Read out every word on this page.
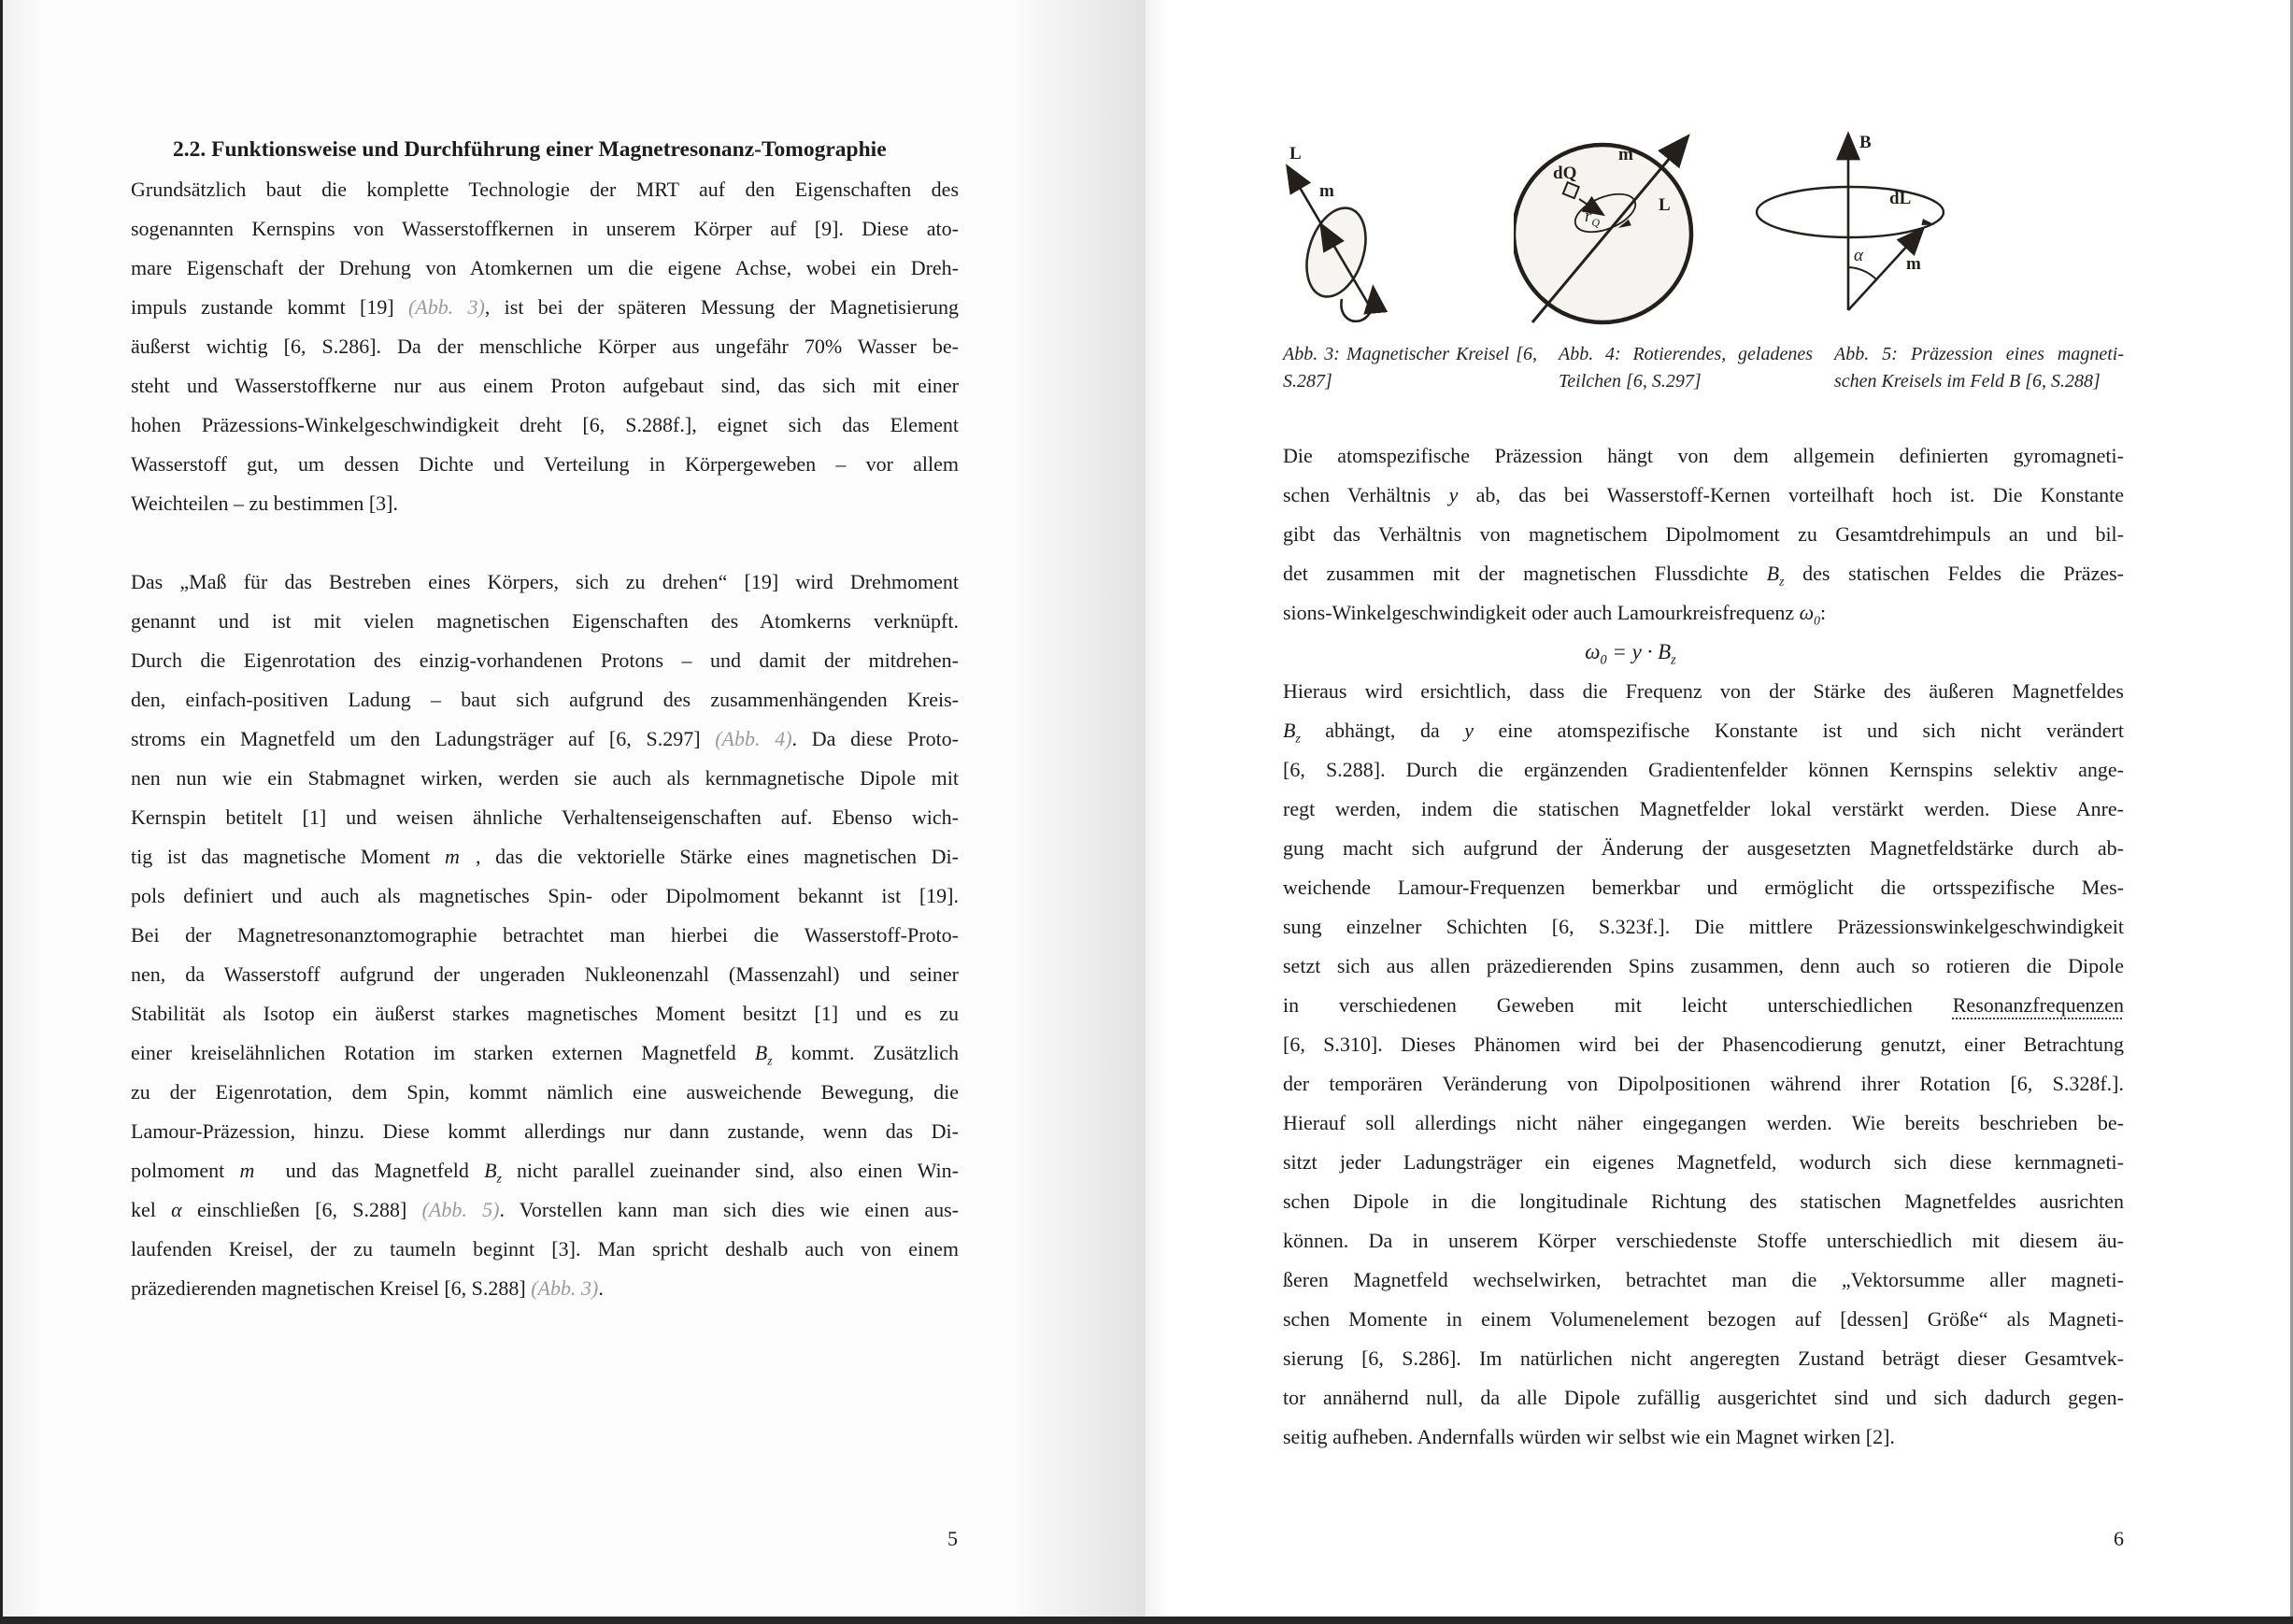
2.2. Funktionsweise und Durchführung einer Magnetresonanz-Tomographie
Grundsätzlich baut die komplette Technologie der MRT auf den Eigenschaften des
sogenannten Kernspins von Wasserstoffkernen in unserem Körper auf [9]. Diese ato-
mare Eigenschaft der Drehung von Atomkernen um die eigene Achse, wobei ein Dreh-
impuls zustande kommt [19] (Abb. 3), ist bei der späteren Messung der Magnetisierung
äußerst wichtig [6, S.286]. Da der menschliche Körper aus ungefähr 70% Wasser be-
steht und Wasserstoffkerne nur aus einem Proton aufgebaut sind, das sich mit einer
hohen Präzessions-Winkelgeschwindigkeit dreht [6, S.288f.], eignet sich das Element
Wasserstoff gut, um dessen Dichte und Verteilung in Körpergeweben – vor allem
Weichteilen – zu bestimmen [3].
Das „Maß für das Bestreben eines Körpers, sich zu drehen“ [19] wird Drehmoment
genannt und ist mit vielen magnetischen Eigenschaften des Atomkerns verknüpft.
Durch die Eigenrotation des einzig-vorhandenen Protons – und damit der mitdrehen-
den, einfach-positiven Ladung – baut sich aufgrund des zusammenhängenden Kreis-
stroms ein Magnetfeld um den Ladungsträger auf [6, S.297] (Abb. 4). Da diese Proto-
nen nun wie ein Stabmagnet wirken, werden sie auch als kernmagnetische Dipole mit
Kernspin betitelt [1] und weisen ähnliche Verhaltenseigenschaften auf. Ebenso wich-
tig ist das magnetische Moment m⃗, das die vektorielle Stärke eines magnetischen Di-
pols definiert und auch als magnetisches Spin- oder Dipolmoment bekannt ist [19].
Bei der Magnetresonanztomographie betrachtet man hierbei die Wasserstoff-Proto-
nen, da Wasserstoff aufgrund der ungeraden Nukleonenzahl (Massenzahl) und seiner
Stabilität als Isotop ein äußerst starkes magnetisches Moment besitzt [1] und es zu
einer kreiselähnlichen Rotation im starken externen Magnetfeld $B_z$ kommt. Zusätzlich
zu der Eigenrotation, dem Spin, kommt nämlich eine ausweichende Bewegung, die
Lamour-Präzession, hinzu. Diese kommt allerdings nur dann zustande, wenn das Di-
polmoment m⃗ und das Magnetfeld $B_z$ nicht parallel zueinander sind, also einen Win-
kel α einschließen [6, S.288] (Abb. 5). Vorstellen kann man sich dies wie einen aus-
laufenden Kreisel, der zu taumeln beginnt [3]. Man spricht deshalb auch von einem
präzedierenden magnetischen Kreisel [6, S.288] (Abb. 3).
5
L⃗
m⃗
dQ
m⃗
L⃗
$r_Q$
B⃗
dL⃗
m⃗
α
Abb. 3: Magnetischer Kreisel [6,
S.287]
Abb. 4: Rotierendes, geladenes
Teilchen [6, S.297]
Abb. 5: Präzession eines magneti-
schen Kreisels im Feld B [6, S.288]
Die atomspezifische Präzession hängt von dem allgemein definierten gyromagneti-
schen Verhältnis y ab, das bei Wasserstoff-Kernen vorteilhaft hoch ist. Die Konstante
gibt das Verhältnis von magnetischem Dipolmoment zu Gesamtdrehimpuls an und bil-
det zusammen mit der magnetischen Flussdichte $B_z$ des statischen Feldes die Präzes-
sions-Winkelgeschwindigkeit oder auch Lamourkreisfrequenz $\omega_0$:
$\omega_0 = y \cdot B_z$
Hieraus wird ersichtlich, dass die Frequenz von der Stärke des äußeren Magnetfeldes
$B_z$ abhängt, da y eine atomspezifische Konstante ist und sich nicht verändert
[6, S.288]. Durch die ergänzenden Gradientenfelder können Kernspins selektiv ange-
regt werden, indem die statischen Magnetfelder lokal verstärkt werden. Diese Anre-
gung macht sich aufgrund der Änderung der ausgesetzten Magnetfeldstärke durch ab-
weichende Lamour-Frequenzen bemerkbar und ermöglicht die ortsspezifische Mes-
sung einzelner Schichten [6, S.323f.]. Die mittlere Präzessionswinkelgeschwindigkeit
setzt sich aus allen präzedierenden Spins zusammen, denn auch so rotieren die Dipole
in verschiedenen Geweben mit leicht unterschiedlichen Resonanzfrequenzen
[6, S.310]. Dieses Phänomen wird bei der Phasencodierung genutzt, einer Betrachtung
der temporären Veränderung von Dipolpositionen während ihrer Rotation [6, S.328f.].
Hierauf soll allerdings nicht näher eingegangen werden. Wie bereits beschrieben be-
sitzt jeder Ladungsträger ein eigenes Magnetfeld, wodurch sich diese kernmagneti-
schen Dipole in die longitudinale Richtung des statischen Magnetfeldes ausrichten
können. Da in unserem Körper verschiedenste Stoffe unterschiedlich mit diesem äu-
ßeren Magnetfeld wechselwirken, betrachtet man die „Vektorsumme aller magneti-
schen Momente in einem Volumenelement bezogen auf [dessen] Größe“ als Magneti-
sierung [6, S.286]. Im natürlichen nicht angeregten Zustand beträgt dieser Gesamtvek-
tor annähernd null, da alle Dipole zufällig ausgerichtet sind und sich dadurch gegen-
seitig aufheben. Andernfalls würden wir selbst wie ein Magnet wirken [2].
6
